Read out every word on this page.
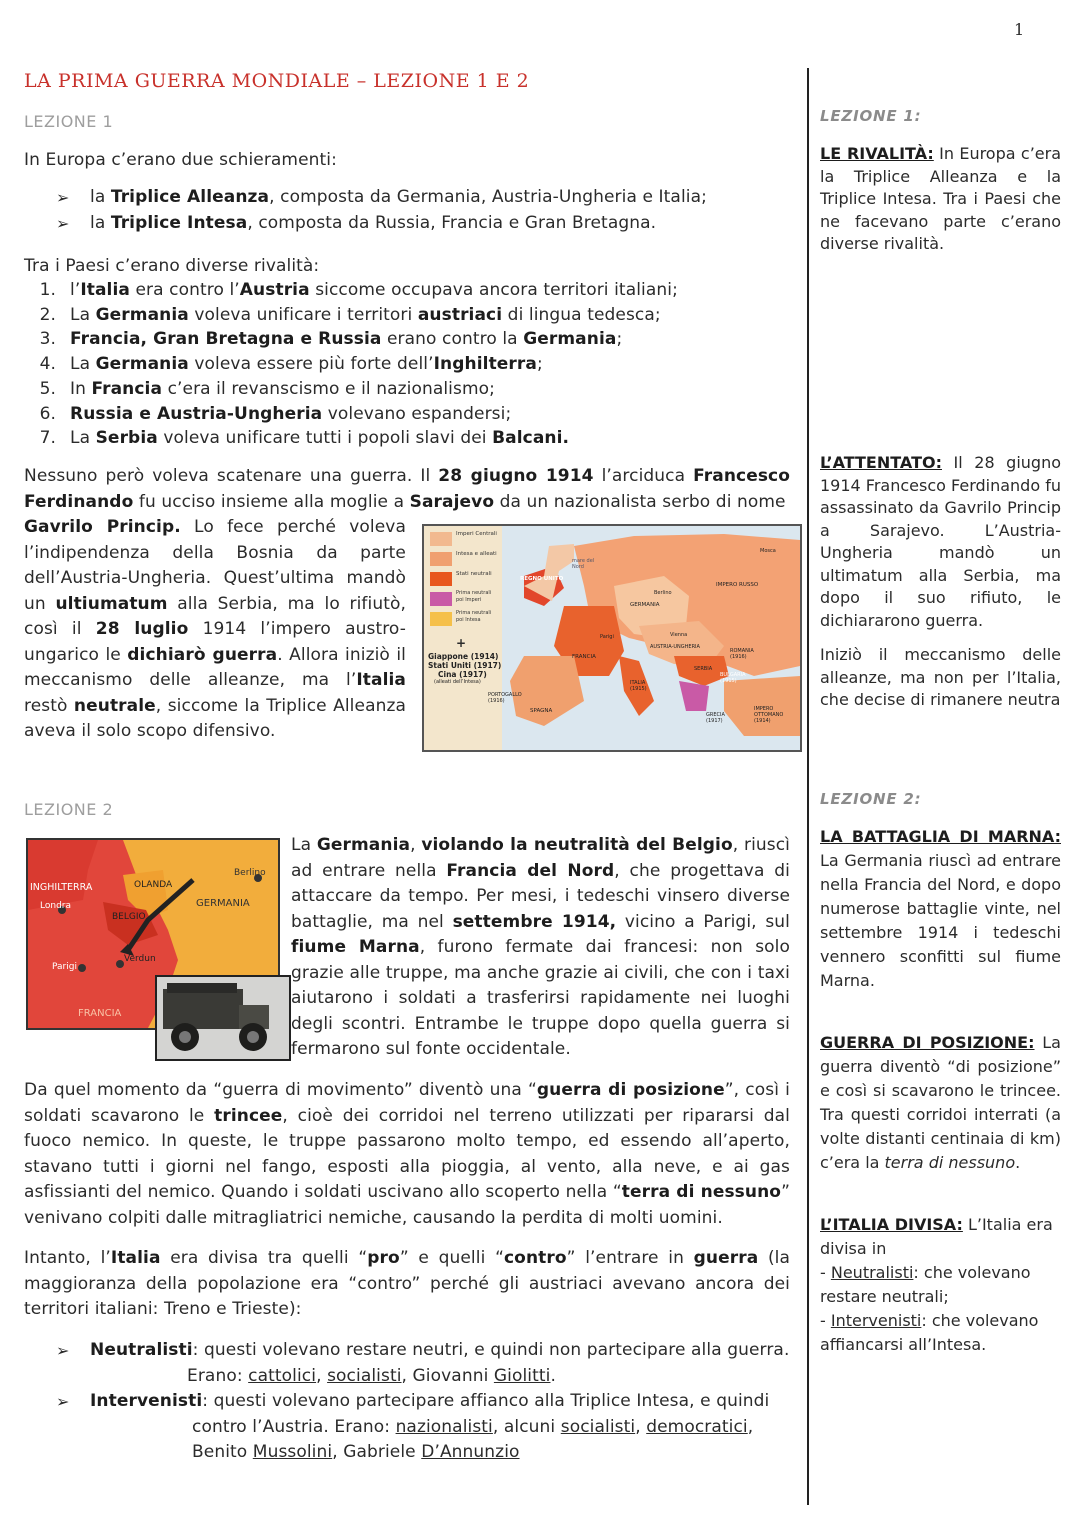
1
LA PRIMA GUERRA MONDIALE – LEZIONE 1 E 2
LEZIONE 1
In Europa c’erano due schieramenti:
➢ la Triplice Alleanza, composta da Germania, Austria-Ungheria e Italia;
➢ la Triplice Intesa, composta da Russia, Francia e Gran Bretagna.
Tra i Paesi c’erano diverse rivalità:
1. l’Italia era contro l’Austria siccome occupava ancora territori italiani;
2. La Germania voleva unificare i territori austriaci di lingua tedesca;
3. Francia, Gran Bretagna e Russia erano contro la Germania;
4. La Germania voleva essere più forte dell’Inghilterra;
5. In Francia c’era il revanscismo e il nazionalismo;
6. Russia e Austria-Ungheria volevano espandersi;
7. La Serbia voleva unificare tutti i popoli slavi dei Balcani.
Nessuno però voleva scatenare una guerra. Il 28 giugno 1914 l’arciduca Francesco Ferdinando fu ucciso insieme alla moglie a Sarajevo da un nazionalista serbo di nome
Gavrilo Princip. Lo fece perché voleva l’indipendenza della Bosnia da parte dell’Austria-Ungheria. Quest’ultima mandò un ultiumatum alla Serbia, ma lo rifiutò, così il 28 luglio 1914 l’impero austro-ungarico le dichiarò guerra. Allora iniziò il meccanismo delle alleanze, ma l’Italia restò neutrale, siccome la Triplice Alleanza aveva il solo scopo difensivo.
Imperi Centrali
Intesa e alleati
Stati neutrali
Prima neutrali poi Imperi
Prima neutrali poi Intesa
+
Giappone (1914)
Stati Uniti (1917)
Cina (1917)
(alleati dell’Intesa)
REGNO UNITO
mare del Nord
FRANCIA
SPAGNA
GERMANIA
IMPERO RUSSO
AUSTRIA-UNGHERIA
ITALIA (1915)
ROMANIA (1916)
BULGARIA (1915)
SERBIA
GRECIA (1917)
IMPERO OTTOMANO (1914)
PORTOGALLO (1916)
Mosca
Parigi	Vienna
Berlino
LEZIONE 2
INGHILTERRA
Londra
OLANDA
BELGIO
GERMANIA
Berlino
Parigi
Verdun
FRANCIA
La Germania, violando la neutralità del Belgio, riuscì ad entrare nella Francia del Nord, che progettava di attaccare da tempo. Per mesi, i tedeschi vinsero diverse battaglie, ma nel settembre 1914, vicino a Parigi, sul fiume Marna, furono fermate dai francesi: non solo grazie alle truppe, ma anche grazie ai civili, che con i taxi aiutarono i soldati a trasferirsi rapidamente nei luoghi degli scontri. Entrambe le truppe dopo quella guerra si fermarono sul fonte occidentale.
Da quel momento da “guerra di movimento” diventò una “guerra di posizione”, così i soldati scavarono le trincee, cioè dei corridoi nel terreno utilizzati per ripararsi dal fuoco nemico. In queste, le truppe passarono molto tempo, ed essendo all’aperto, stavano tutti i giorni nel fango, esposti alla pioggia, al vento, alla neve, e ai gas asfissianti del nemico. Quando i soldati uscivano allo scoperto nella “terra di nessuno” venivano colpiti dalle mitragliatrici nemiche, causando la perdita di molti uomini.
Intanto, l’Italia era divisa tra quelli “pro” e quelli “contro” l’entrare in guerra (la maggioranza della popolazione era “contro” perché gli austriaci avevano ancora dei territori italiani: Treno e Trieste):
➢ Neutralisti: questi volevano restare neutri, e quindi non partecipare alla guerra.
Erano: cattolici, socialisti, Giovanni Giolitti.
➢ Intervenisti: questi volevano partecipare affianco alla Triplice Intesa, e quindi
contro l’Austria. Erano: nazionalisti, alcuni socialisti, democratici,
Benito Mussolini, Gabriele D’Annunzio
LEZIONE 1:
LE RIVALITÀ: In Europa c’era la Triplice Alleanza e la Triplice Intesa. Tra i Paesi che ne facevano parte c’erano diverse rivalità.
L’ATTENTATO: Il 28 giugno 1914 Francesco Ferdinando fu assassinato da Gavrilo Princip a Sarajevo. L’Austria-Ungheria mandò un ultimatum alla Serbia, ma dopo il suo rifiuto, le dichiararono guerra.
Iniziò il meccanismo delle alleanze, ma non per l’Italia, che decise di rimanere neutra
LEZIONE 2:
LA BATTAGLIA DI MARNA: La Germania riuscì ad entrare nella Francia del Nord, e dopo numerose battaglie vinte, nel settembre 1914 i tedeschi vennero sconfitti sul fiume Marna.
GUERRA DI POSIZIONE: La guerra diventò “di posizione” e così si scavarono le trincee. Tra questi corridoi interrati (a volte distanti centinaia di km) c’era la terra di nessuno.
L’ITALIA DIVISA: L’Italia era divisa in
- Neutralisti: che volevano restare neutrali;
- Intervenisti: che volevano affiancarsi all’Intesa.
